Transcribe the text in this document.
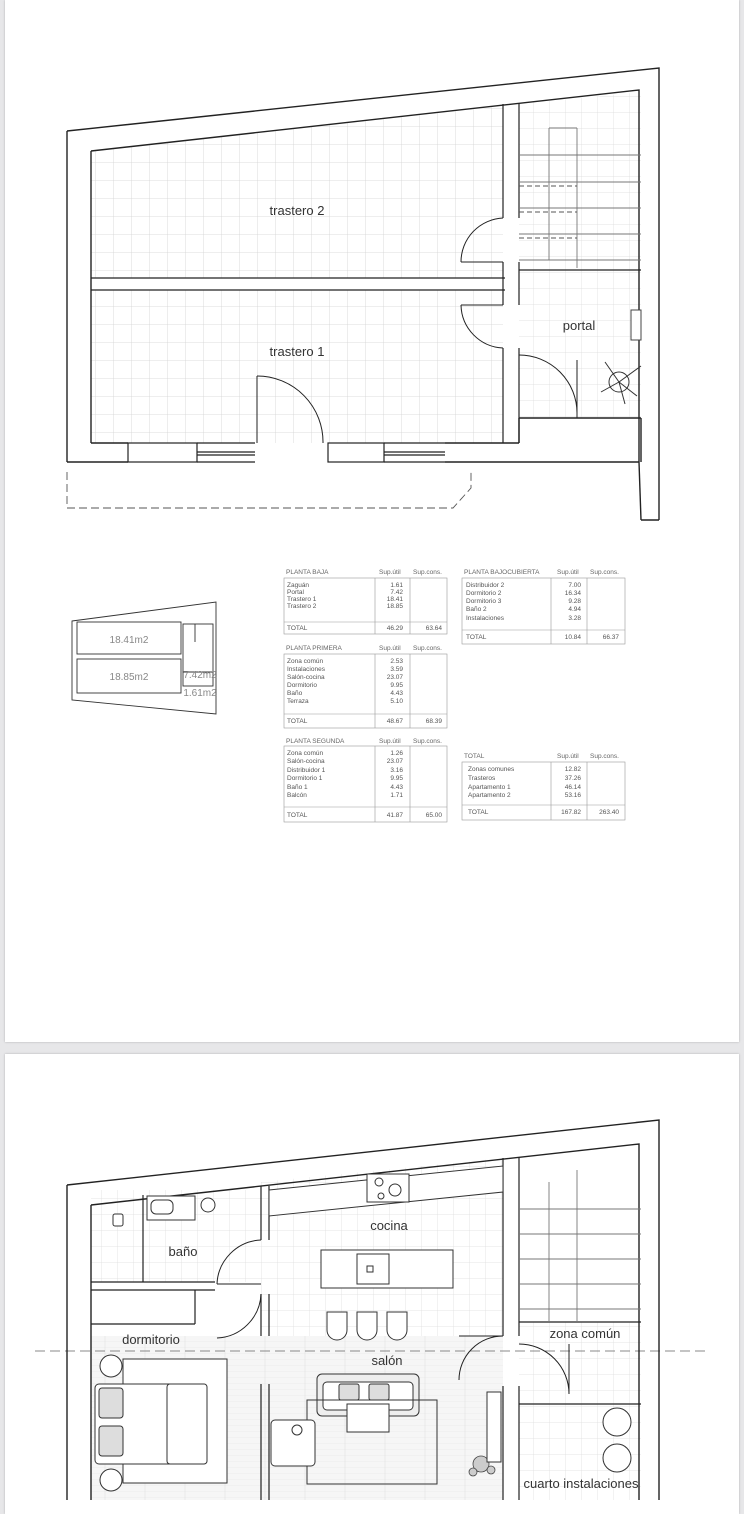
trastero 2
trastero 1
portal
18.41m2
18.85m2	7.42m2
1.61m2
PLANTA BAJA	Sup.útil Sup.cons.
Zaguán	1.61
Portal	7.42
Trastero 1	18.41
Trastero 2	18.85
TOTAL	46.29	63.64
PLANTA PRIMERA	Sup.útil Sup.cons.
Zona común	2.53
Instalaciones	3.59
Salón-cocina	23.07
Dormitorio	9.95
Baño	4.43
Terraza	5.10
TOTAL	48.67	68.39
PLANTA SEGUNDA	Sup.útil Sup.cons.
Zona común	1.26
Salón-cocina	23.07
Distribuidor 1	3.16
Dormitorio 1	9.95
Baño 1	4.43
Balcón	1.71
TOTAL	41.87	65.00
PLANTA BAJOCUBIERTA	Sup.útil Sup.cons.
Distribuidor 2	7.00
Dormitorio 2	16.34
Dormitorio 3	9.28
Baño 2	4.94
Instalaciones	3.28
TOTAL	10.84	66.37
TOTAL	Sup.útil Sup.cons.
Zonas comunes	12.82
Trasteros	37.26
Apartamento 1	46.14
Apartamento 2	53.16
TOTAL	167.82	263.40
cocina
baño
dormitorio
salón
zona común
cuarto instalaciones
